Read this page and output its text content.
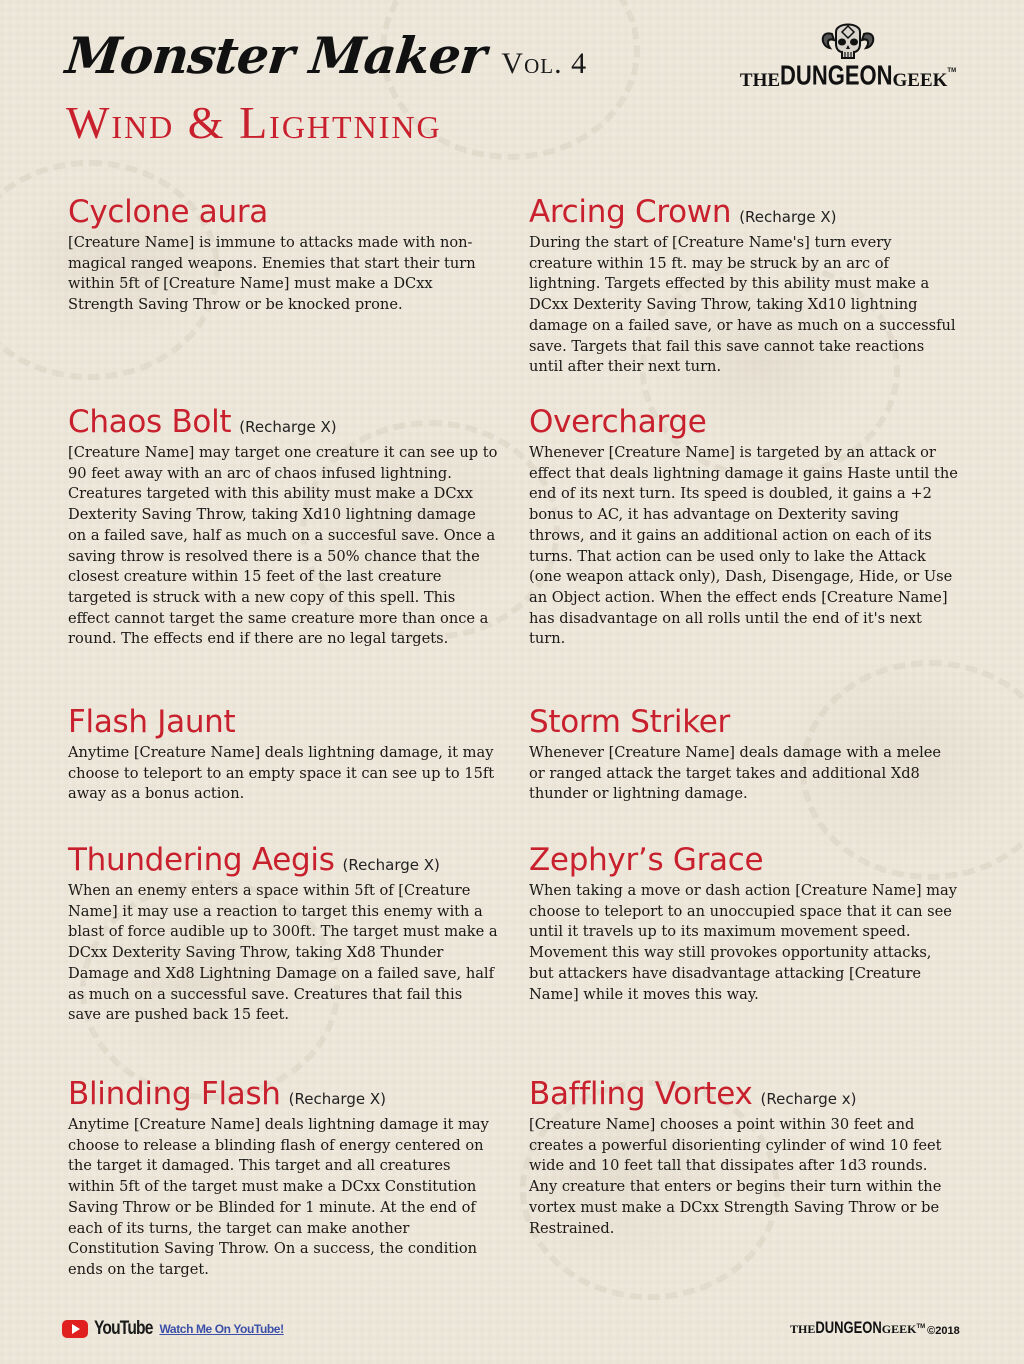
Monster Maker Vol. 4
Wind & Lightning
THE DUNGEON GEEK TM
Cyclone aura

[Creature Name] is immune to attacks made with non-magical ranged weapons. Enemies that start their turn within 5ft of [Creature Name] must make a DCxx Strength Saving Throw or be knocked prone.

Chaos Bolt (Recharge X)

[Creature Name] may target one creature it can see up to 90 feet away with an arc of chaos infused lightning. Creatures targeted with this ability must make a DCxx Dexterity Saving Throw, taking Xd10 lightning damage on a failed save, half as much on a succesful save. Once a saving throw is resolved there is a 50% chance that the closest creature within 15 feet of the last creature targeted is struck with a new copy of this spell. This effect cannot target the same creature more than once a round. The effects end if there are no legal targets.

Flash Jaunt

Anytime [Creature Name] deals lightning damage, it may choose to teleport to an empty space it can see up to 15ft away as a bonus action.

Thundering Aegis (Recharge X)

When an enemy enters a space within 5ft of [Creature Name] it may use a reaction to target this enemy with a blast of force audible up to 300ft. The target must make a DCxx Dexterity Saving Throw, taking Xd8 Thunder Damage and Xd8 Lightning Damage on a failed save, half as much on a successful save. Creatures that fail this save are pushed back 15 feet.

Blinding Flash (Recharge X)

Anytime [Creature Name] deals lightning damage it may choose to release a blinding flash of energy centered on the target it damaged. This target and all creatures within 5ft of the target must make a DCxx Constitution Saving Throw or be Blinded for 1 minute. At the end of each of its turns, the target can make another Constitution Saving Throw. On a success, the condition ends on the target.

Arcing Crown (Recharge X)

During the start of [Creature Name's] turn every creature within 15 ft. may be struck by an arc of lightning. Targets effected by this ability must make a DCxx Dexterity Saving Throw, taking Xd10 lightning damage on a failed save, or have as much on a successful save. Targets that fail this save cannot take reactions until after their next turn.

Overcharge

Whenever [Creature Name] is targeted by an attack or effect that deals lightning damage it gains Haste until the end of its next turn. Its speed is doubled, it gains a +2 bonus to AC, it has advantage on Dexterity saving throws, and it gains an additional action on each of its turns. That action can be used only to lake the Attack (one weapon attack only), Dash, Disengage, Hide, or Use an Object action. When the effect ends [Creature Name] has disadvantage on all rolls until the end of it's next turn.

Storm Striker

Whenever [Creature Name] deals damage with a melee or ranged attack the target takes and additional Xd8 thunder or lightning damage.

Zephyr’s Grace

When taking a move or dash action [Creature Name] may choose to teleport to an unoccupied space that it can see until it travels up to its maximum movement speed. Movement this way still provokes opportunity attacks, but attackers have disadvantage attacking [Creature Name] while it moves this way.

Baffling Vortex (Recharge x)

[Creature Name] chooses a point within 30 feet and creates a powerful disorienting cylinder of wind 10 feet wide and 10 feet tall that dissipates after 1d3 rounds. Any creature that enters or begins their turn within the vortex must make a DCxx Strength Saving Throw or be Restrained.

YouTube Watch Me On YouTube!	THE DUNGEON GEEK TM ©2018
